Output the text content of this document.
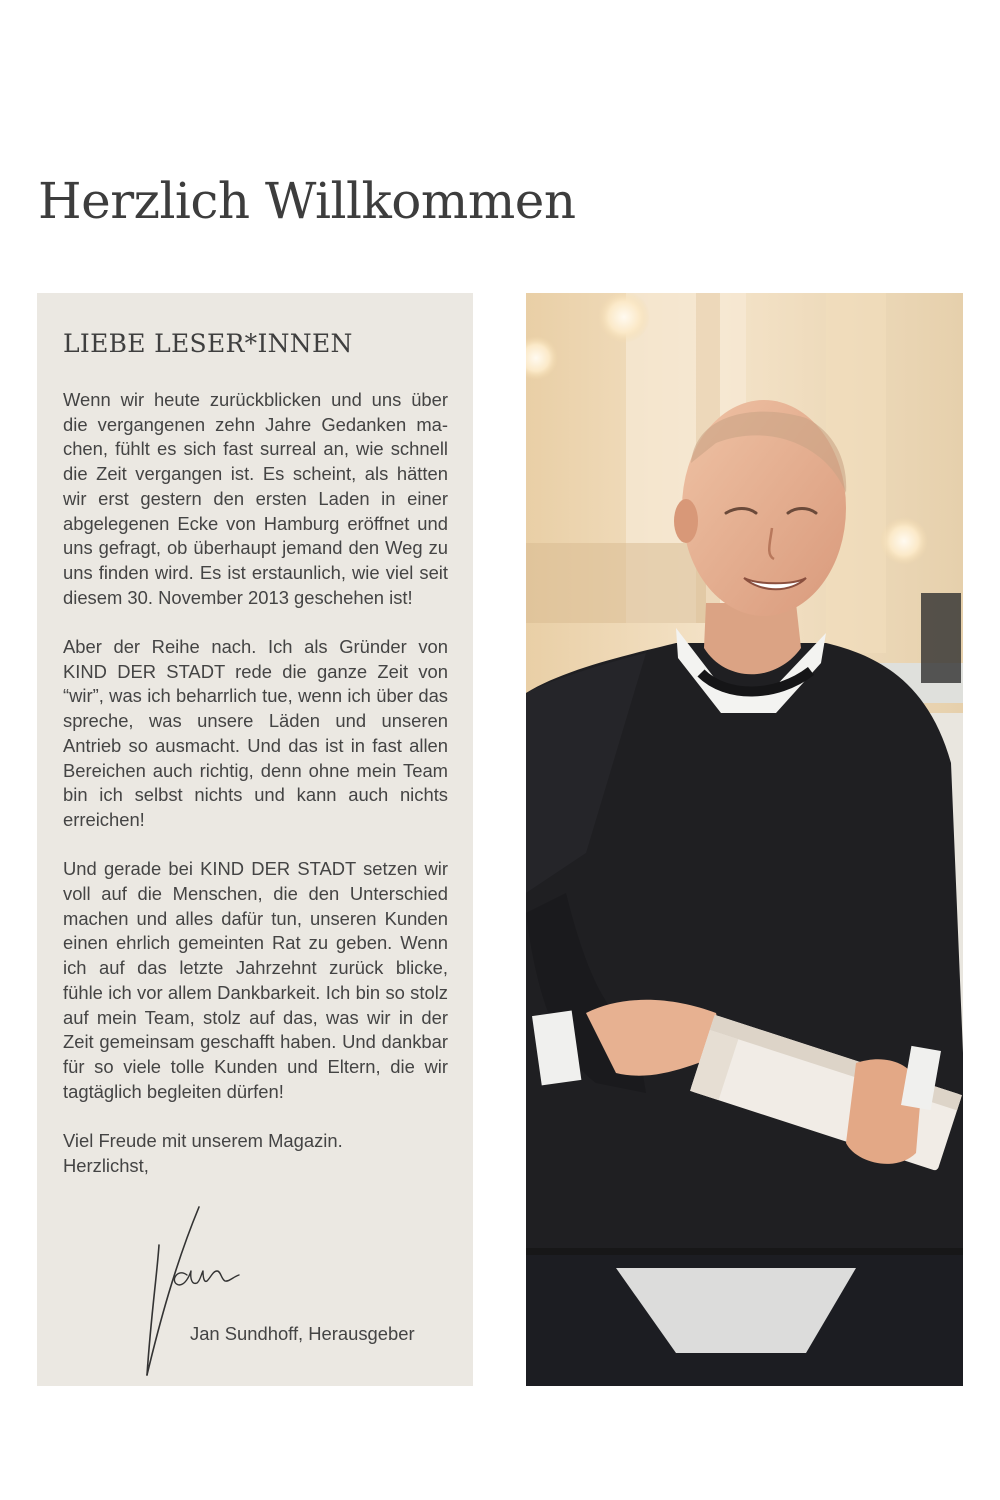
Herzlich Willkommen
LIEBE LESER*INNEN

Wenn wir heute zurückblicken und uns über die vergangenen zehn Jahre Gedanken machen, fühlt es sich fast surreal an, wie schnell die Zeit vergangen ist. Es scheint, als hätten wir erst gestern den ersten Laden in einer abgelegenen Ecke von Hamburg eröffnet und uns gefragt, ob überhaupt jemand den Weg zu uns finden wird. Es ist erstaunlich, wie viel seit diesem 30. November 2013 geschehen ist!

Aber der Reihe nach. Ich als Gründer von KIND DER STADT rede die ganze Zeit von “wir”, was ich beharrlich tue, wenn ich über das spreche, was unsere Läden und unseren Antrieb so ausmacht. Und das ist in fast allen Bereichen auch richtig, denn ohne mein Team bin ich selbst nichts und kann auch nichts erreichen!

Und gerade bei KIND DER STADT setzen wir voll auf die Menschen, die den Unterschied machen und alles dafür tun, unseren Kunden einen ehrlich gemeinten Rat zu geben. Wenn ich auf das letzte Jahrzehnt zurück blicke, fühle ich vor allem Dankbarkeit. Ich bin so stolz auf mein Team, stolz auf das, was wir in der Zeit gemeinsam geschafft haben. Und dankbar für so viele tolle Kunden und Eltern, die wir tagtäglich begleiten dürfen!

Viel Freude mit unserem Magazin.

Herzlichst,

Jan Sundhoff, Herausgeber
